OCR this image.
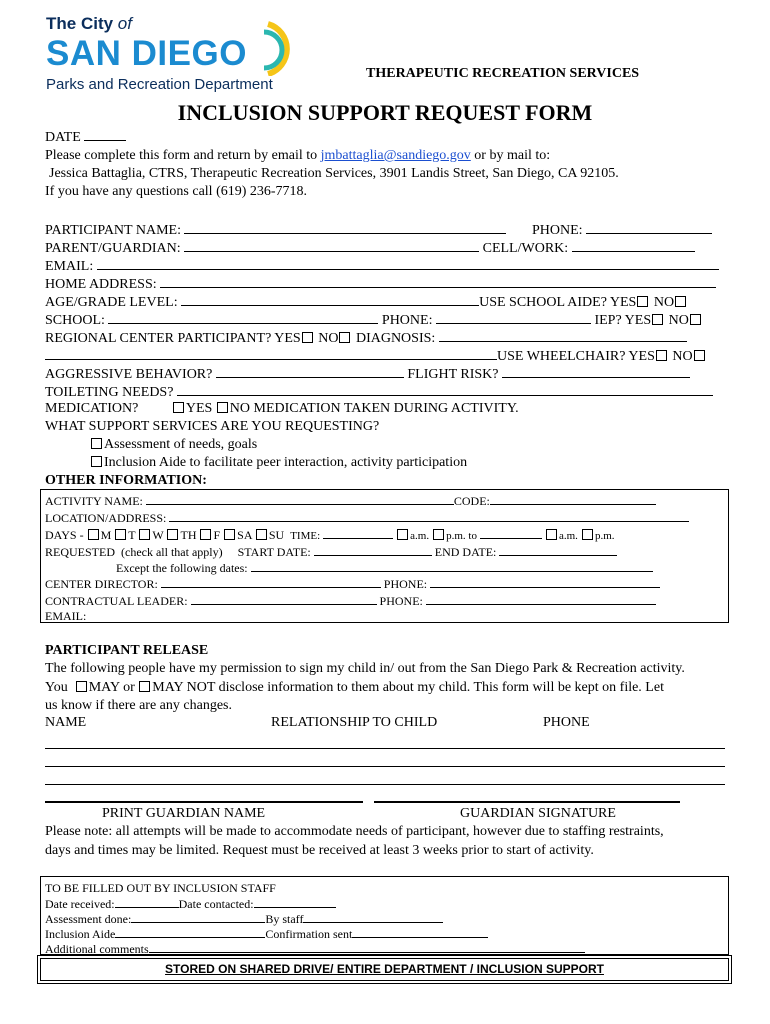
The City of
SAN DIEGO
Parks and Recreation Department
THERAPEUTIC RECREATION SERVICES
INCLUSION SUPPORT REQUEST FORM
DATE
Please complete this form and return by email to jmbattaglia@sandiego.gov or by mail to:
Jessica Battaglia, CTRS, Therapeutic Recreation Services, 3901 Landis Street, San Diego, CA 92105.
If you have any questions call (619) 236-7718.
PARTICIPANT NAME:	PHONE:
PARENT/GUARDIAN:	CELL/WORK:
EMAIL:
HOME ADDRESS:
AGE/GRADE LEVEL:	USE SCHOOL AIDE? YES NO
SCHOOL:	PHONE:	IEP? YES NO
REGIONAL CENTER PARTICIPANT? YES NO DIAGNOSIS:
USE WHEELCHAIR? YES NO
AGGRESSIVE BEHAVIOR?	FLIGHT RISK?
TOILETING NEEDS?
MEDICATION?	YES NO MEDICATION TAKEN DURING ACTIVITY.
WHAT SUPPORT SERVICES ARE YOU REQUESTING?
Assessment of needs, goals
Inclusion Aide to facilitate peer interaction, activity participation
OTHER INFORMATION:
ACTIVITY NAME:	CODE:
LOCATION/ADDRESS:
DAYS - M T W TH F SA SU TIME:	a.m. p.m. to	a.m. p.m.
REQUESTED (check all that apply) START DATE:	END DATE:
Except the following dates:
CENTER DIRECTOR:	PHONE:
CONTRACTUAL LEADER:	PHONE:
EMAIL:
PARTICIPANT RELEASE
The following people have my permission to sign my child in/ out from the San Diego Park & Recreation activity.
You MAY or MAY NOT disclose information to them about my child. This form will be kept on file. Let
us know if there are any changes.
NAME	RELATIONSHIP TO CHILD	PHONE
PRINT GUARDIAN NAME	GUARDIAN SIGNATURE
Please note: all attempts will be made to accommodate needs of participant, however due to staffing restraints,
days and times may be limited. Request must be received at least 3 weeks prior to start of activity.
TO BE FILLED OUT BY INCLUSION STAFF
Date received:	Date contacted:
Assessment done:	By staff
Inclusion Aide	Confirmation sent
Additional comments
STORED ON SHARED DRIVE/ ENTIRE DEPARTMENT / INCLUSION SUPPORT
